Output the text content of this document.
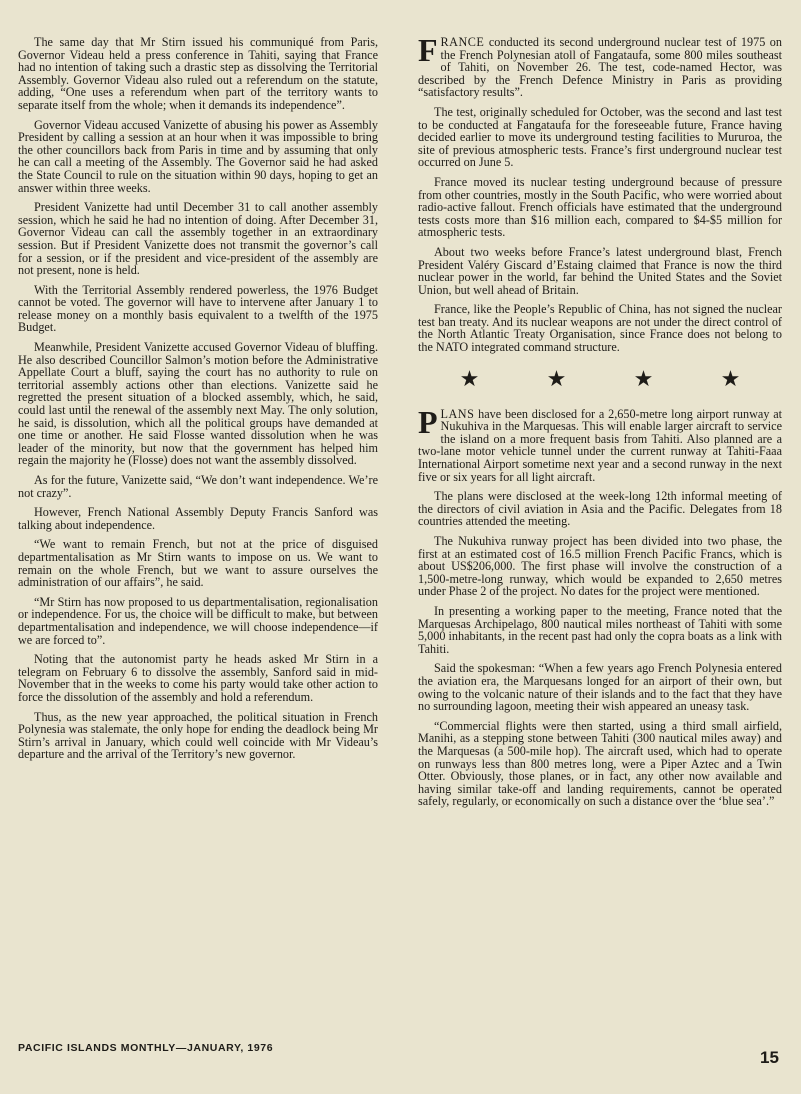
The same day that Mr Stirn issued his communiqué from Paris, Governor Videau held a press conference in Tahiti, saying that France had no intention of taking such a drastic step as dissolving the Territorial Assembly. Governor Videau also ruled out a referendum on the statute, adding, “One uses a referendum when part of the territory wants to separate itself from the whole; when it demands its independence”.

Governor Videau accused Vanizette of abusing his power as Assembly President by calling a session at an hour when it was impossible to bring the other councillors back from Paris in time and by assuming that only he can call a meeting of the Assembly. The Governor said he had asked the State Council to rule on the situation within 90 days, hoping to get an answer within three weeks.

President Vanizette had until December 31 to call another assembly session, which he said he had no intention of doing. After December 31, Governor Videau can call the assembly together in an extraordinary session. But if President Vanizette does not transmit the governor’s call for a session, or if the president and vice-president of the assembly are not present, none is held.

With the Territorial Assembly rendered powerless, the 1976 Budget cannot be voted. The governor will have to intervene after January 1 to release money on a monthly basis equivalent to a twelfth of the 1975 Budget.

Meanwhile, President Vanizette accused Governor Videau of bluffing. He also described Councillor Salmon’s motion before the Administrative Appellate Court a bluff, saying the court has no authority to rule on territorial assembly actions other than elections. Vanizette said he regretted the present situation of a blocked assembly, which, he said, could last until the renewal of the assembly next May. The only solution, he said, is dissolution, which all the political groups have demanded at one time or another. He said Flosse wanted dissolution when he was leader of the minority, but now that the government has helped him regain the majority he (Flosse) does not want the assembly dissolved.

As for the future, Vanizette said, “We don’t want independence. We’re not crazy”.

However, French National Assembly Deputy Francis Sanford was talking about independence.

“We want to remain French, but not at the price of disguised departmentalisation as Mr Stirn wants to impose on us. We want to remain on the whole French, but we want to assure ourselves the administration of our affairs”, he said.

“Mr Stirn has now proposed to us departmentalisation, regionalisation or independence. For us, the choice will be difficult to make, but between departmentalisation and independence, we will choose independence—if we are forced to”.

Noting that the autonomist party he heads asked Mr Stirn in a telegram on February 6 to dissolve the assembly, Sanford said in mid-November that in the weeks to come his party would take other action to force the dissolution of the assembly and hold a referendum.

Thus, as the new year approached, the political situation in French Polynesia was stalemate, the only hope for ending the deadlock being Mr Stirn’s arrival in January, which could well coincide with Mr Videau’s departure and the arrival of the Territory’s new governor.

FRANCE conducted its second underground nuclear test of 1975 on the French Polynesian atoll of Fangataufa, some 800 miles southeast of Tahiti, on November 26. The test, code-named Hector, was described by the French Defence Ministry in Paris as providing “satisfactory results”.

The test, originally scheduled for October, was the second and last test to be conducted at Fangataufa for the foreseeable future, France having decided earlier to move its underground testing facilities to Mururoa, the site of previous atmospheric tests. France’s first underground nuclear test occurred on June 5.

France moved its nuclear testing underground because of pressure from other countries, mostly in the South Pacific, who were worried about radio-active fallout. French officials have estimated that the underground tests costs more than $16 million each, compared to $4-$5 million for atmospheric tests.

About two weeks before France’s latest underground blast, French President Valéry Giscard d’Estaing claimed that France is now the third nuclear power in the world, far behind the United States and the Soviet Union, but well ahead of Britain.

France, like the People’s Republic of China, has not signed the nuclear test ban treaty. And its nuclear weapons are not under the direct control of the North Atlantic Treaty Organisation, since France does not belong to the NATO integrated command structure.

★	★	★	★

PLANS have been disclosed for a 2,650-metre long airport runway at Nukuhiva in the Marquesas. This will enable larger aircraft to service the island on a more frequent basis from Tahiti. Also planned are a two-lane motor vehicle tunnel under the current runway at Tahiti-Faaa International Airport sometime next year and a second runway in the next five or six years for all light aircraft.

The plans were disclosed at the week-long 12th informal meeting of the directors of civil aviation in Asia and the Pacific. Delegates from 18 countries attended the meeting.

The Nukuhiva runway project has been divided into two phase, the first at an estimated cost of 16.5 million French Pacific Francs, which is about US$206,000. The first phase will involve the construction of a 1,500-metre-long runway, which would be expanded to 2,650 metres under Phase 2 of the project. No dates for the project were mentioned.

In presenting a working paper to the meeting, France noted that the Marquesas Archipelago, 800 nautical miles northeast of Tahiti with some 5,000 inhabitants, in the recent past had only the copra boats as a link with Tahiti.

Said the spokesman: “When a few years ago French Polynesia entered the aviation era, the Marquesans longed for an airport of their own, but owing to the volcanic nature of their islands and to the fact that they have no surrounding lagoon, meeting their wish appeared an uneasy task.

“Commercial flights were then started, using a third small airfield, Manihi, as a stepping stone between Tahiti (300 nautical miles away) and the Marquesas (a 500-mile hop). The aircraft used, which had to operate on runways less than 800 metres long, were a Piper Aztec and a Twin Otter. Obviously, those planes, or in fact, any other now available and having similar take-off and landing requirements, cannot be operated safely, regularly, or economically on such a distance over the ‘blue sea’.”

PACIFIC ISLANDS MONTHLY—JANUARY, 1976	15
